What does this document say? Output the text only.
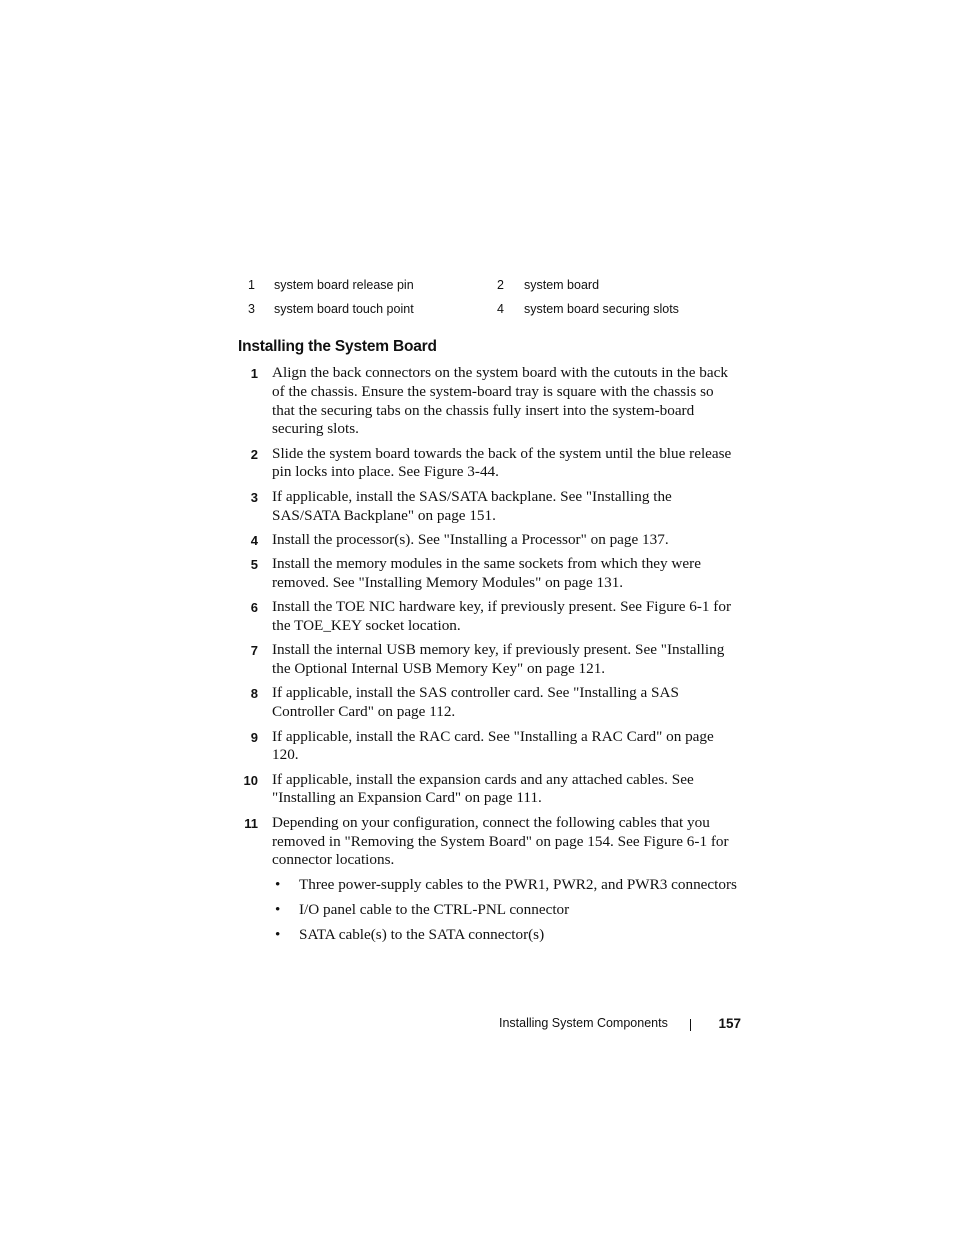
1 system board release pin	2 system board
3 system board touch point	4 system board securing slots
Installing the System Board
1 Align the back connectors on the system board with the cutouts in the back of the chassis. Ensure the system-board tray is square with the chassis so that the securing tabs on the chassis fully insert into the system-board securing slots.
2 Slide the system board towards the back of the system until the blue release pin locks into place. See Figure 3-44.
3 If applicable, install the SAS/SATA backplane. See "Installing the SAS/SATA Backplane" on page 151.
4 Install the processor(s). See "Installing a Processor" on page 137.
5 Install the memory modules in the same sockets from which they were removed. See "Installing Memory Modules" on page 131.
6 Install the TOE NIC hardware key, if previously present. See Figure 6-1 for the TOE_KEY socket location.
7 Install the internal USB memory key, if previously present. See "Installing the Optional Internal USB Memory Key" on page 121.
8 If applicable, install the SAS controller card. See "Installing a SAS Controller Card" on page 112.
9 If applicable, install the RAC card. See "Installing a RAC Card" on page 120.
10 If applicable, install the expansion cards and any attached cables. See "Installing an Expansion Card" on page 111.
11 Depending on your configuration, connect the following cables that you removed in "Removing the System Board" on page 154. See Figure 6-1 for connector locations.
• Three power-supply cables to the PWR1, PWR2, and PWR3 connectors
• I/O panel cable to the CTRL-PNL connector
• SATA cable(s) to the SATA connector(s)
Installing System Components	157
